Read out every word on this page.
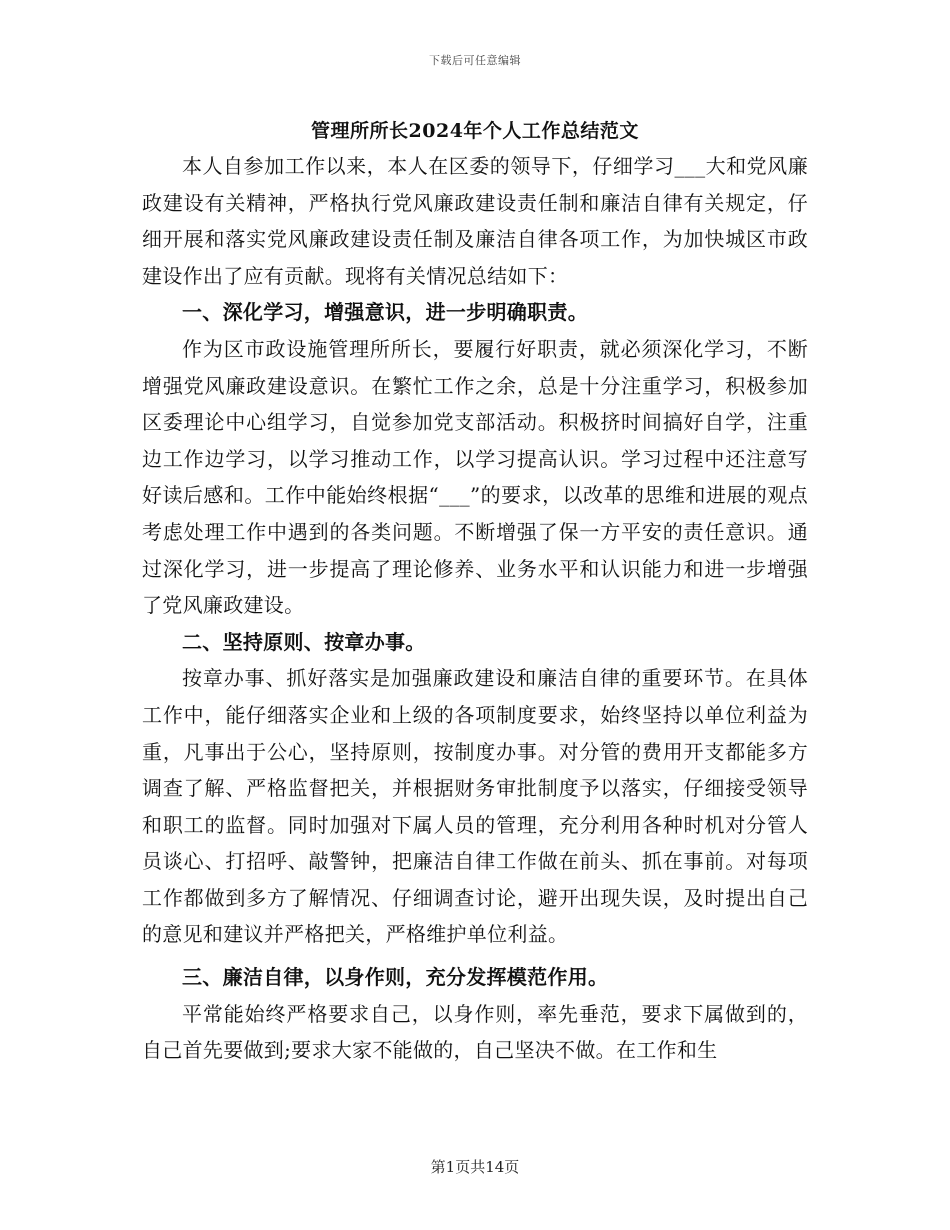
下载后可任意编辑
管理所所长2024年个人工作总结范文

本人自参加工作以来，本人在区委的领导下，仔细学习___大和党风廉政建设有关精神，严格执行党风廉政建设责任制和廉洁自律有关规定，仔细开展和落实党风廉政建设责任制及廉洁自律各项工作，为加快城区市政建设作出了应有贡献。现将有关情况总结如下：

一、深化学习，增强意识，进一步明确职责。

作为区市政设施管理所所长，要履行好职责，就必须深化学习，不断增强党风廉政建设意识。在繁忙工作之余，总是十分注重学习，积极参加区委理论中心组学习，自觉参加党支部活动。积极挤时间搞好自学，注重边工作边学习，以学习推动工作，以学习提高认识。学习过程中还注意写好读后感和。工作中能始终根据“___”的要求，以改革的思维和进展的观点考虑处理工作中遇到的各类问题。不断增强了保一方平安的责任意识。通过深化学习，进一步提高了理论修养、业务水平和认识能力和进一步增强了党风廉政建设。

二、坚持原则、按章办事。

按章办事、抓好落实是加强廉政建设和廉洁自律的重要环节。在具体工作中，能仔细落实企业和上级的各项制度要求，始终坚持以单位利益为重，凡事出于公心，坚持原则，按制度办事。对分管的费用开支都能多方调查了解、严格监督把关，并根据财务审批制度予以落实，仔细接受领导和职工的监督。同时加强对下属人员的管理，充分利用各种时机对分管人员谈心、打招呼、敲警钟，把廉洁自律工作做在前头、抓在事前。对每项工作都做到多方了解情况、仔细调查讨论，避开出现失误，及时提出自己的意见和建议并严格把关，严格维护单位利益。

三、廉洁自律，以身作则，充分发挥模范作用。

平常能始终严格要求自己，以身作则，率先垂范，要求下属做到的，自己首先要做到;要求大家不能做的，自己坚决不做。在工作和生

第1页共14页
